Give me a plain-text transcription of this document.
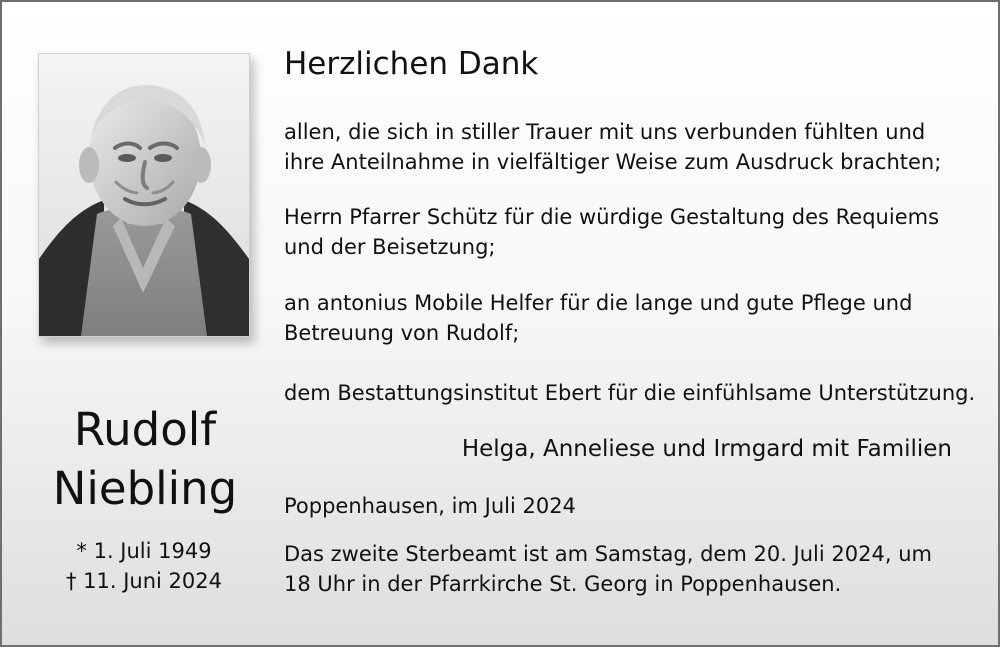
Rudolf
Niebling
* 1. Juli 1949
† 11. Juni 2024
Herzlichen Dank
allen, die sich in stiller Trauer mit uns verbunden fühlten und
ihre Anteilnahme in vielfältiger Weise zum Ausdruck brachten;
Herrn Pfarrer Schütz für die würdige Gestaltung des Requiems
und der Beisetzung;
an antonius Mobile Helfer für die lange und gute Pflege und
Betreuung von Rudolf;
dem Bestattungsinstitut Ebert für die einfühlsame Unterstützung.
Helga, Anneliese und Irmgard mit Familien
Poppenhausen, im Juli 2024
Das zweite Sterbeamt ist am Samstag, dem 20. Juli 2024, um
18 Uhr in der Pfarrkirche St. Georg in Poppenhausen.
